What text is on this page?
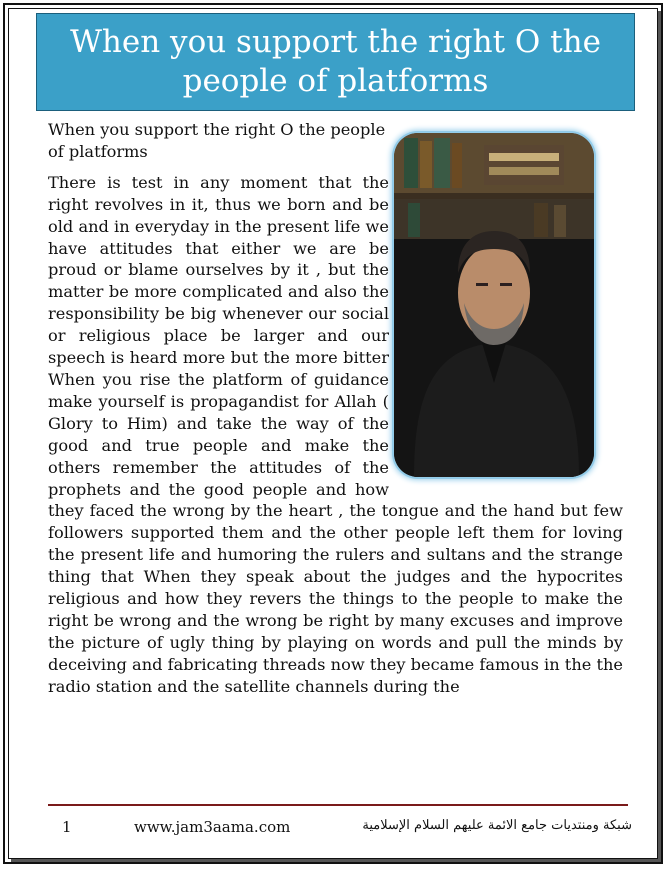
When you support the right O the people of platforms

When you support the right O the people of platforms

There is test in any moment that the right revolves in it, thus we born and be old and in everyday in the present life we have attitudes that either we are be proud or blame ourselves by it , but the matter be more complicated and also the responsibility be big whenever our social or religious place be larger and our speech is heard more but the more bitter When you rise the platform of guidance make yourself is propagandist for Allah ( Glory to Him) and take the way of the good and true people and make the others remember the attitudes of the prophets and the good people and how they faced the wrong by the heart , the tongue and the hand but few followers supported them and the other people left them for loving the present life and humoring the rulers and sultans and the strange thing that When they speak about the judges and the hypocrites religious and how they revers the things to the people to make the right be wrong and the wrong be right by many excuses and improve the picture of ugly thing by playing on words and pull the minds by deceiving and fabricating threads now they became famous in the the radio station and the satellite channels during the

1	www.jam3aama.com	شبكة ومنتديات جامع الائمة عليهم السلام الإسلامية
